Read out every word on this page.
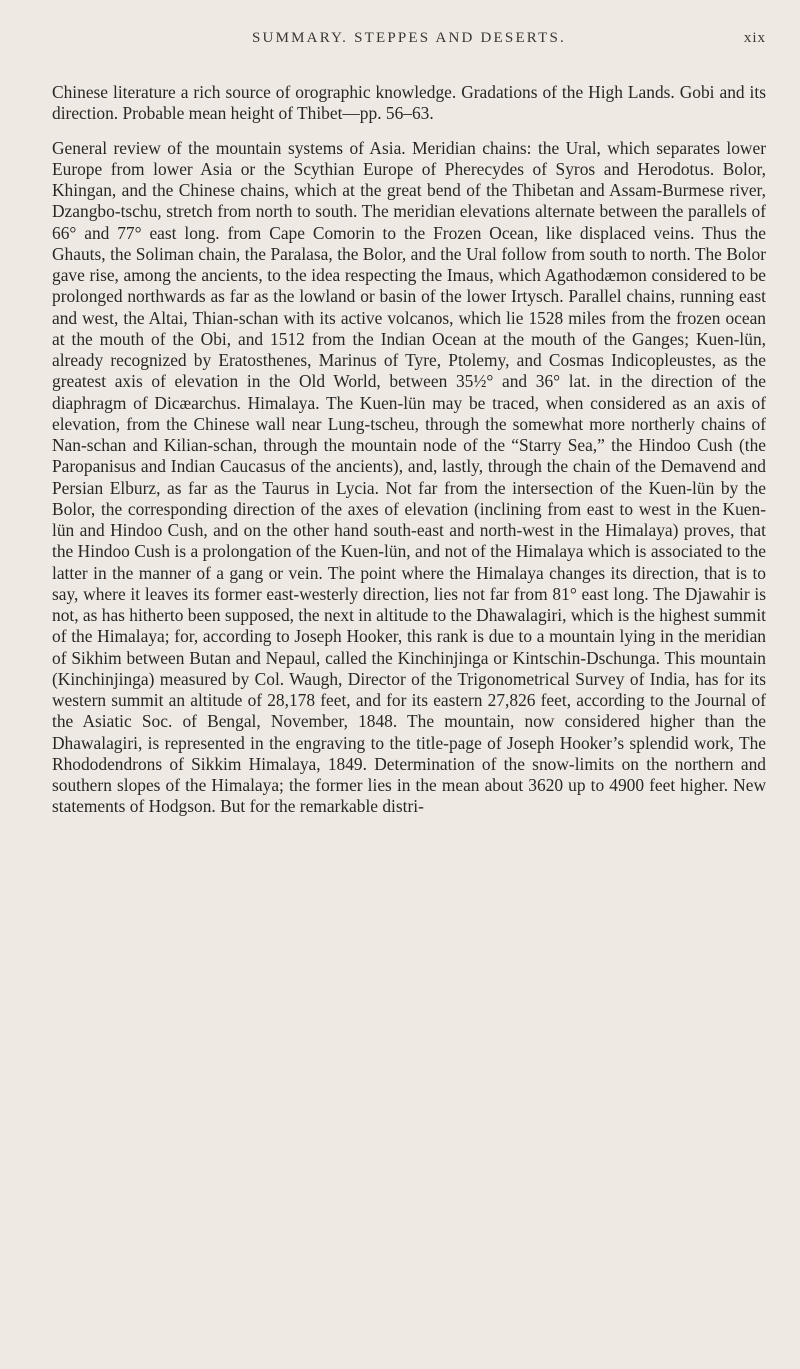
SUMMARY. STEPPES AND DESERTS.	xix

Chinese literature a rich source of orographic knowledge. Gradations of the High Lands. Gobi and its direction. Probable mean height of Thibet—pp. 56–63.

General review of the mountain systems of Asia. Meridian chains: the Ural, which separates lower Europe from lower Asia or the Scythian Europe of Pherecydes of Syros and Herodotus. Bolor, Khingan, and the Chinese chains, which at the great bend of the Thibetan and Assam-Burmese river, Dzangbo-tschu, stretch from north to south. The meridian elevations alternate between the parallels of 66° and 77° east long. from Cape Comorin to the Frozen Ocean, like displaced veins. Thus the Ghauts, the Soliman chain, the Paralasa, the Bolor, and the Ural follow from south to north. The Bolor gave rise, among the ancients, to the idea respecting the Imaus, which Agathodæmon considered to be prolonged northwards as far as the lowland or basin of the lower Irtysch. Parallel chains, running east and west, the Altai, Thian-schan with its active volcanos, which lie 1528 miles from the frozen ocean at the mouth of the Obi, and 1512 from the Indian Ocean at the mouth of the Ganges; Kuen-lün, already recognized by Eratosthenes, Marinus of Tyre, Ptolemy, and Cosmas Indicopleustes, as the greatest axis of elevation in the Old World, between 35½° and 36° lat. in the direction of the diaphragm of Dicæarchus. Himalaya. The Kuen-lün may be traced, when considered as an axis of elevation, from the Chinese wall near Lung-tscheu, through the somewhat more northerly chains of Nan-schan and Kilian-schan, through the mountain node of the “Starry Sea,” the Hindoo Cush (the Paropanisus and Indian Caucasus of the ancients), and, lastly, through the chain of the Demavend and Persian Elburz, as far as the Taurus in Lycia. Not far from the intersection of the Kuen-lün by the Bolor, the corresponding direction of the axes of elevation (inclining from east to west in the Kuen-lün and Hindoo Cush, and on the other hand south-east and north-west in the Himalaya) proves, that the Hindoo Cush is a prolongation of the Kuen-lün, and not of the Himalaya which is associated to the latter in the manner of a gang or vein. The point where the Himalaya changes its direction, that is to say, where it leaves its former east-westerly direction, lies not far from 81° east long. The Djawahir is not, as has hitherto been supposed, the next in altitude to the Dhawalagiri, which is the highest summit of the Himalaya; for, according to Joseph Hooker, this rank is due to a mountain lying in the meridian of Sikhim between Butan and Nepaul, called the Kinchinjinga or Kintschin-Dschunga. This mountain (Kinchinjinga) measured by Col. Waugh, Director of the Trigonometrical Survey of India, has for its western summit an altitude of 28,178 feet, and for its eastern 27,826 feet, according to the Journal of the Asiatic Soc. of Bengal, November, 1848. The mountain, now considered higher than the Dhawalagiri, is represented in the engraving to the title-page of Joseph Hooker’s splendid work, The Rhododendrons of Sikkim Himalaya, 1849. Determination of the snow-limits on the northern and southern slopes of the Himalaya; the former lies in the mean about 3620 up to 4900 feet higher. New statements of Hodgson. But for the remarkable distri-
